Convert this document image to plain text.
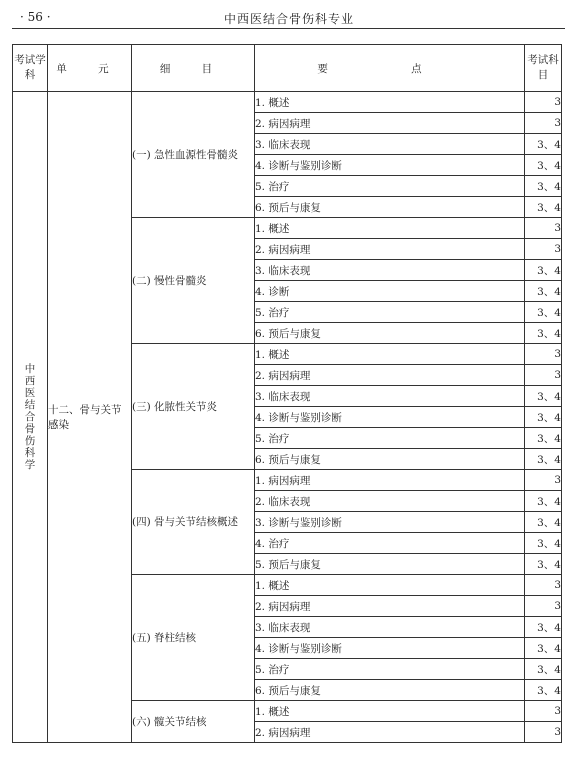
· 56 ·	中西医结合骨伤科专业
考试学科	单 元	细 目	要 点	考试科目
中西医结合骨伤科学	十二、骨与关节感染	(一) 急性血源性骨髓炎	1. 概述	3
			2. 病因病理	3
			3. 临床表现	3、4
			4. 诊断与鉴别诊断	3、4
			5. 治疗	3、4
			6. 预后与康复	3、4
		(二) 慢性骨髓炎	1. 概述	3
			2. 病因病理	3
			3. 临床表现	3、4
			4. 诊断	3、4
			5. 治疗	3、4
			6. 预后与康复	3、4
		(三) 化脓性关节炎	1. 概述	3
			2. 病因病理	3
			3. 临床表现	3、4
			4. 诊断与鉴别诊断	3、4
			5. 治疗	3、4
			6. 预后与康复	3、4
		(四) 骨与关节结核概述	1. 病因病理	3
			2. 临床表现	3、4
			3. 诊断与鉴别诊断	3、4
			4. 治疗	3、4
			5. 预后与康复	3、4
		(五) 脊柱结核	1. 概述	3
			2. 病因病理	3
			3. 临床表现	3、4
			4. 诊断与鉴别诊断	3、4
			5. 治疗	3、4
			6. 预后与康复	3、4
		(六) 髋关节结核	1. 概述	3
			2. 病因病理	3
